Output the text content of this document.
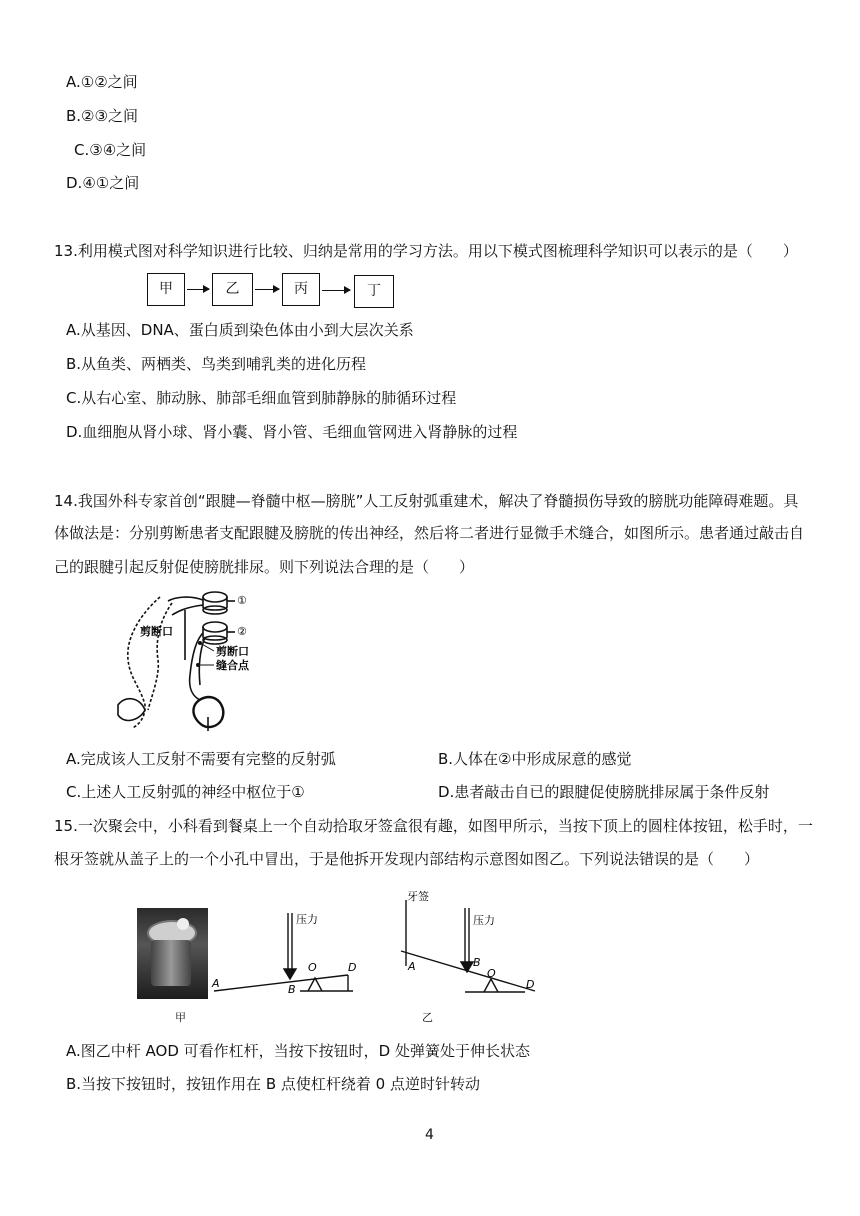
A.①②之间
B.②③之间
C.③④之间
D.④①之间
13.利用模式图对科学知识进行比较、归纳是常用的学习方法。用以下模式图梳理科学知识可以表示的是（　　）
甲	乙	丙	丁
A.从基因、DNA、蛋白质到染色体由小到大层次关系
B.从鱼类、两栖类、鸟类到哺乳类的进化历程
C.从右心室、肺动脉、肺部毛细血管到肺静脉的肺循环过程
D.血细胞从肾小球、肾小囊、肾小管、毛细血管网进入肾静脉的过程
14.我国外科专家首创“跟腱—脊髓中枢—膀胱”人工反射弧重建术，解决了脊髓损伤导致的膀胱功能障碍难题。具
体做法是：分别剪断患者支配跟腱及膀胱的传出神经，然后将二者进行显微手术缝合，如图所示。患者通过敲击自
己的跟腱引起反射促使膀胱排尿。则下列说法合理的是（　　）
①
②
剪断口
剪断口
缝合点
A.完成该人工反射不需要有完整的反射弧	B.人体在②中形成尿意的感觉
C.上述人工反射弧的神经中枢位于①	D.患者敲击自已的跟腱促使膀胱排尿属于条件反射
15.一次聚会中，小科看到餐桌上一个自动拾取牙签盒很有趣，如图甲所示，当按下顶上的圆柱体按钮，松手时，一
根牙签就从盖子上的一个小孔中冒出，于是他拆开发现内部结构示意图如图乙。下列说法错误的是（　　）
压力
A	B
O	D
甲
牙签
压力
A	B
O
D
乙
A.图乙中杆 AOD 可看作杠杆，当按下按钮时，D 处弹簧处于伸长状态
B.当按下按钮时，按钮作用在 B 点使杠杆绕着 0 点逆时针转动
4
